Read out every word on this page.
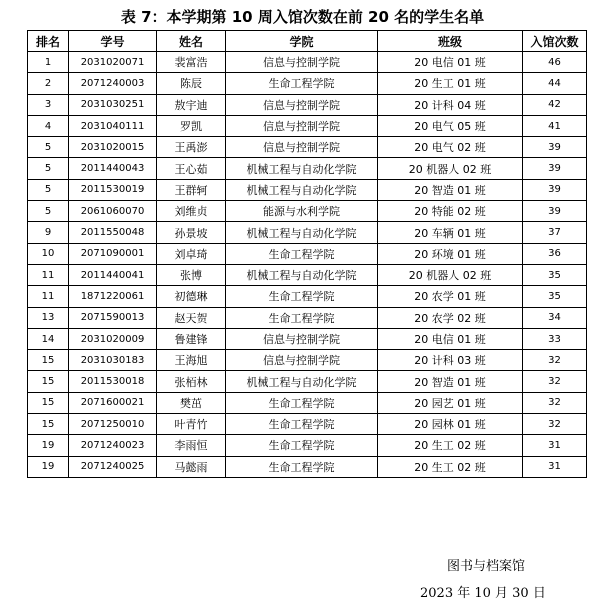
表 7：本学期第 10 周入馆次数在前 20 名的学生名单
排名	学号	姓名	学院	班级	入馆次数
1	2031020071	裴富浩	信息与控制学院	20 电信 01 班	46
2	2071240003	陈辰	生命工程学院	20 生工 01 班	44
3	2031030251	敖宇迪	信息与控制学院	20 计科 04 班	42
4	2031040111	罗凯	信息与控制学院	20 电气 05 班	41
5	2031020015	王禹澎	信息与控制学院	20 电气 02 班	39
5	2011440043	王心茹	机械工程与自动化学院	20 机器人 02 班	39
5	2011530019	王群轲	机械工程与自动化学院	20 智造 01 班	39
5	2061060070	刘维贞	能源与水利学院	20 特能 02 班	39
9	2011550048	孙景坡	机械工程与自动化学院	20 车辆 01 班	37
10	2071090001	刘卓琦	生命工程学院	20 环境 01 班	36
11	2011440041	张博	机械工程与自动化学院	20 机器人 02 班	35
11	1871220061	初德琳	生命工程学院	20 农学 01 班	35
13	2071590013	赵天贺	生命工程学院	20 农学 02 班	34
14	2031020009	鲁建锋	信息与控制学院	20 电信 01 班	33
15	2031030183	王海旭	信息与控制学院	20 计科 03 班	32
15	2011530018	张栢林	机械工程与自动化学院	20 智造 01 班	32
15	2071600021	樊茁	生命工程学院	20 园艺 01 班	32
15	2071250010	叶青竹	生命工程学院	20 园林 01 班	32
19	2071240023	李雨恒	生命工程学院	20 生工 02 班	31
19	2071240025	马懿雨	生命工程学院	20 生工 02 班	31
图书与档案馆
2023 年 10 月 30 日
